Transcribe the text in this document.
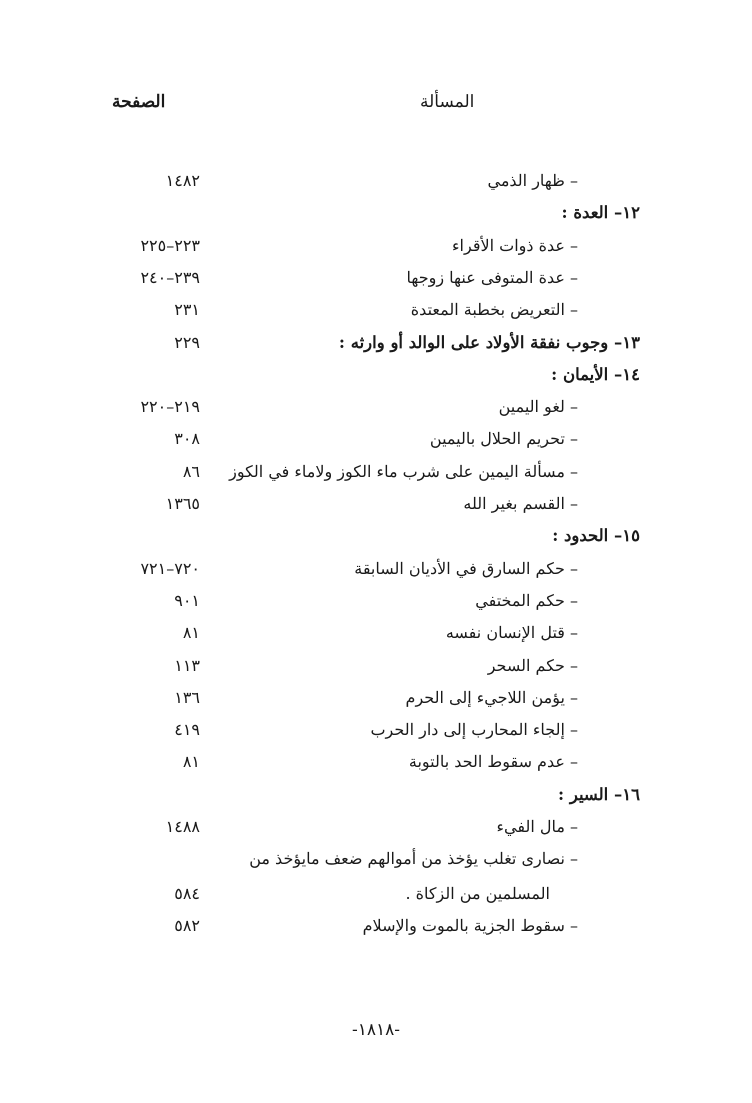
الصفحة	المسألة
– ظهار الذمي
١٤٨٢
١٢– العدة :
– عدة ذوات الأقراء
٢٢٣–٢٢٥
– عدة المتوفى عنها زوجها
٢٣٩–٢٤٠
– التعريض بخطبة المعتدة
٢٣١
١٣– وجوب نفقة الأولاد على الوالد أو وارثه :
٢٢٩
١٤– الأيمان :
– لغو اليمين
٢١٩–٢٢٠
– تحريم الحلال باليمين
٣٠٨
– مسألة اليمين على شرب ماء الكوز ولاماء في الكوز
٨٦
– القسم بغير الله
١٣٦٥
١٥– الحدود :
– حكم السارق في الأديان السابقة
٧٢٠–٧٢١
– حكم المختفي
٩٠١
– قتل الإنسان نفسه
٨١
– حكم السحر
١١٣
– يؤمن اللاجيء إلى الحرم
١٣٦
– إلجاء المحارب إلى دار الحرب
٤١٩
– عدم سقوط الحد بالتوبة
٨١
١٦– السير :
– مال الفيء
١٤٨٨
– نصارى تغلب يؤخذ من أموالهم ضعف مايؤخذ من
المسلمين من الزكاة .
٥٨٤
– سقوط الجزية بالموت والإسلام
٥٨٢
-١٨١٨-
